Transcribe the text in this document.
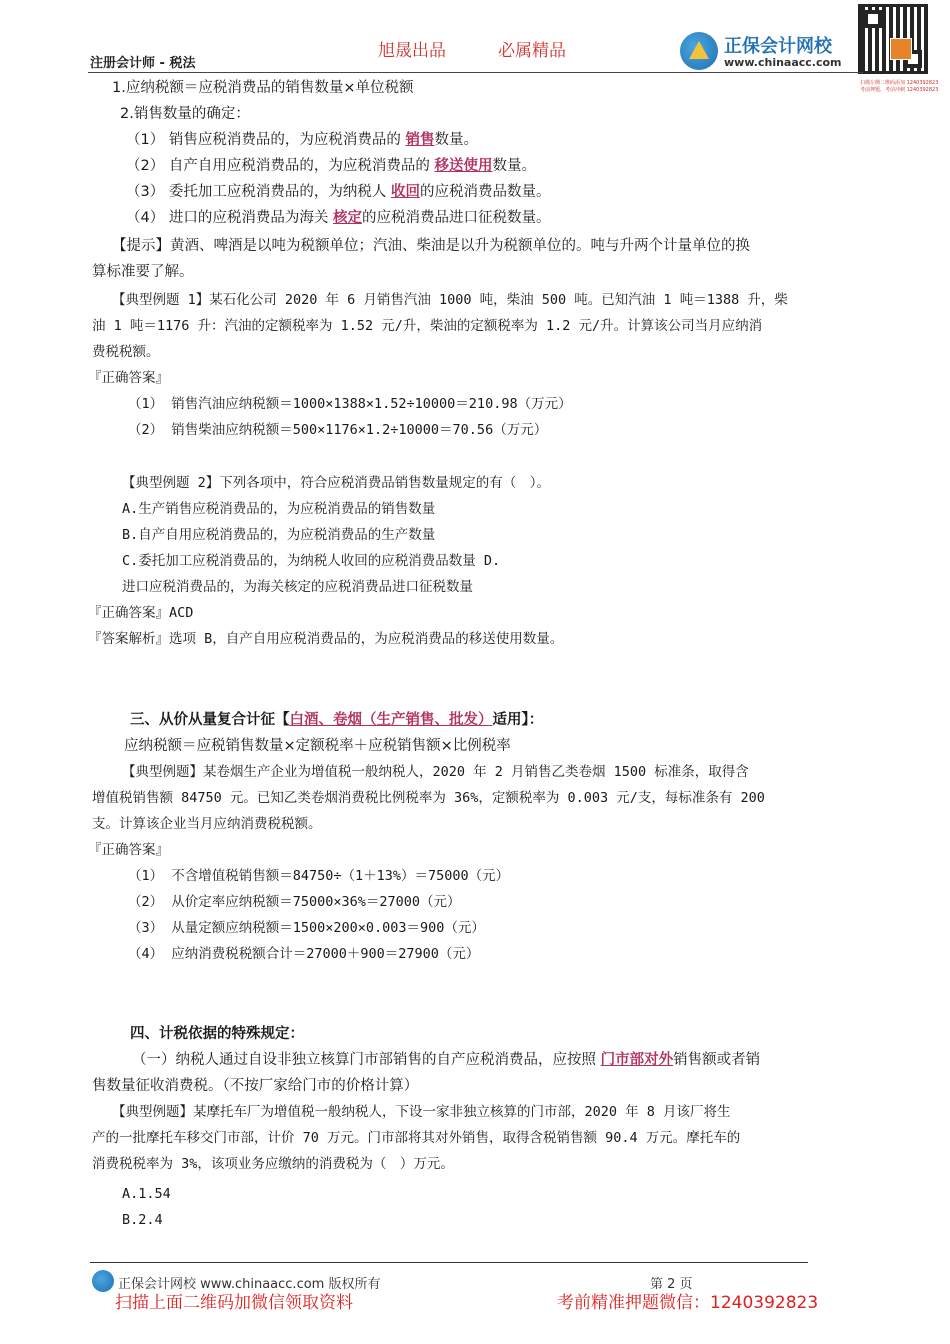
注册会计师 - 税法
旭晟出品	必属精品	正保会计网校
www.chinaacc.com
扫描左侧二维码添加 1240392823 考前押题，考前冲刺 1240392823
1.应纳税额＝应税消费品的销售数量×单位税额
2.销售数量的确定：
（1） 销售应税消费品的，为应税消费品的 销售数量。
（2） 自产自用应税消费品的，为应税消费品的 移送使用数量。
（3） 委托加工应税消费品的，为纳税人 收回的应税消费品数量。
（4） 进口的应税消费品为海关 核定的应税消费品进口征税数量。
【提示】黄酒、啤酒是以吨为税额单位；汽油、柴油是以升为税额单位的。吨与升两个计量单位的换
算标准要了解。
【典型例题 1】某石化公司 2020 年 6 月销售汽油 1000 吨，柴油 500 吨。已知汽油 1 吨＝1388 升，柴
油 1 吨＝1176 升：汽油的定额税率为 1.52 元/升，柴油的定额税率为 1.2 元/升。计算该公司当月应纳消
费税税额。
『正确答案』
（1） 销售汽油应纳税额＝1000×1388×1.52÷10000＝210.98（万元）
（2） 销售柴油应纳税额＝500×1176×1.2÷10000＝70.56（万元）
【典型例题 2】下列各项中，符合应税消费品销售数量规定的有（　）。
A.生产销售应税消费品的，为应税消费品的销售数量
B.自产自用应税消费品的，为应税消费品的生产数量
C.委托加工应税消费品的，为纳税人收回的应税消费品数量 D.
进口应税消费品的，为海关核定的应税消费品进口征税数量
『正确答案』ACD
『答案解析』选项 B，自产自用应税消费品的，为应税消费品的移送使用数量。
三、从价从量复合计征【白酒、卷烟（生产销售、批发）适用】：
应纳税额＝应税销售数量×定额税率＋应税销售额×比例税率
【典型例题】某卷烟生产企业为增值税一般纳税人，2020 年 2 月销售乙类卷烟 1500 标准条，取得含
增值税销售额 84750 元。已知乙类卷烟消费税比例税率为 36%，定额税率为 0.003 元/支，每标准条有 200
支。计算该企业当月应纳消费税税额。
『正确答案』
（1） 不含增值税销售额＝84750÷（1＋13%）＝75000（元）
（2） 从价定率应纳税额＝75000×36%＝27000（元）
（3） 从量定额应纳税额＝1500×200×0.003＝900（元）
（4） 应纳消费税税额合计＝27000＋900＝27900（元）
四、计税依据的特殊规定：
（一）纳税人通过自设非独立核算门市部销售的自产应税消费品，应按照 门市部对外销售额或者销
售数量征收消费税。（不按厂家给门市的价格计算）
【典型例题】某摩托车厂为增值税一般纳税人，下设一家非独立核算的门市部，2020 年 8 月该厂将生
产的一批摩托车移交门市部，计价 70 万元。门市部将其对外销售，取得含税销售额 90.4 万元。摩托车的
消费税税率为 3%，该项业务应缴纳的消费税为（　）万元。
A.1.54
B.2.4
正保会计网校 www.chinaacc.com 版权所有	第 2 页
扫描上面二维码加微信领取资料	考前精准押题微信：1240392823
